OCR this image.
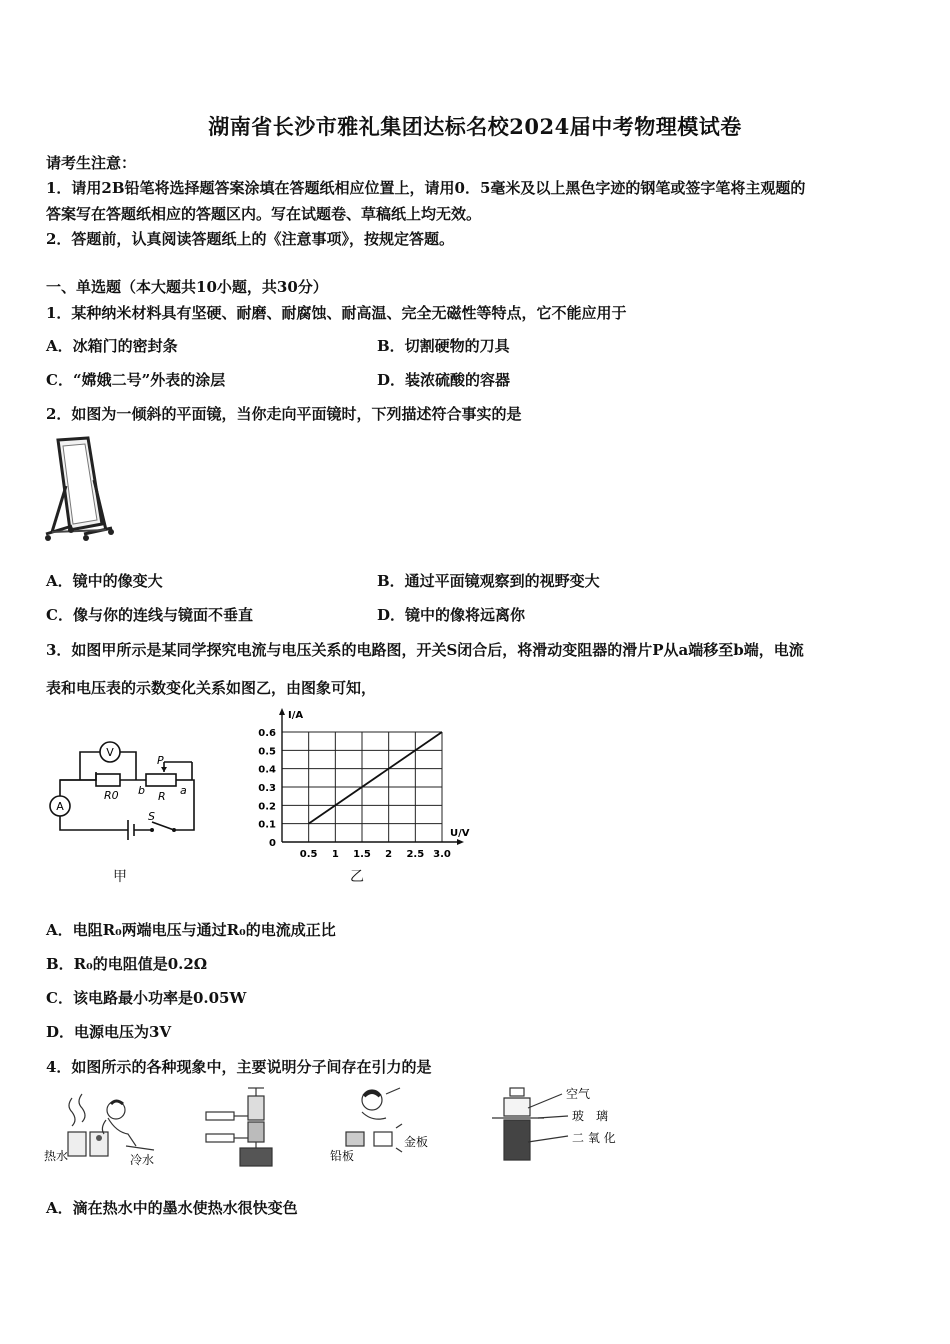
湖南省长沙市雅礼集团达标名校2024届中考物理模试卷
请考生注意：
1．请用2B铅笔将选择题答案涂填在答题纸相应位置上，请用0．5毫米及以上黑色字迹的钢笔或签字笔将主观题的
答案写在答题纸相应的答题区内。写在试题卷、草稿纸上均无效。
2．答题前，认真阅读答题纸上的《注意事项》，按规定答题。
一、单选题（本大题共10小题，共30分）
1．某种纳米材料具有坚硬、耐磨、耐腐蚀、耐高温、完全无磁性等特点，它不能应用于
A．冰箱门的密封条	B．切割硬物的刀具
C．“嫦娥二号”外表的涂层	D．装浓硫酸的容器
2．如图为一倾斜的平面镜，当你走向平面镜时，下列描述符合事实的是
A．镜中的像变大	B．通过平面镜观察到的视野变大
C．像与你的连线与镜面不垂直	D．镜中的像将远离你
3．如图甲所示是某同学探究电流与电压关系的电路图，开关S闭合后，将滑动变阻器的滑片P从a端移至b端，电流
表和电压表的示数变化关系如图乙，由图象可知，
V
A
R0	R
P
b	a
S
甲
0.5 1 1.5 2 2.5 3.0
0
0.1
0.2
0.3
0.4
0.5
0.6
I/A
U/V
乙
A．电阻R₀两端电压与通过R₀的电流成正比
B．R₀的电阻值是0.2Ω
C．该电路最小功率是0.05W
D．电源电压为3V
4．如图所示的各种现象中，主要说明分子间存在引力的是
热水	冷水	铅板
金板
空气
玻　璃
二 氧 化
A．滴在热水中的墨水使热水很快变色
